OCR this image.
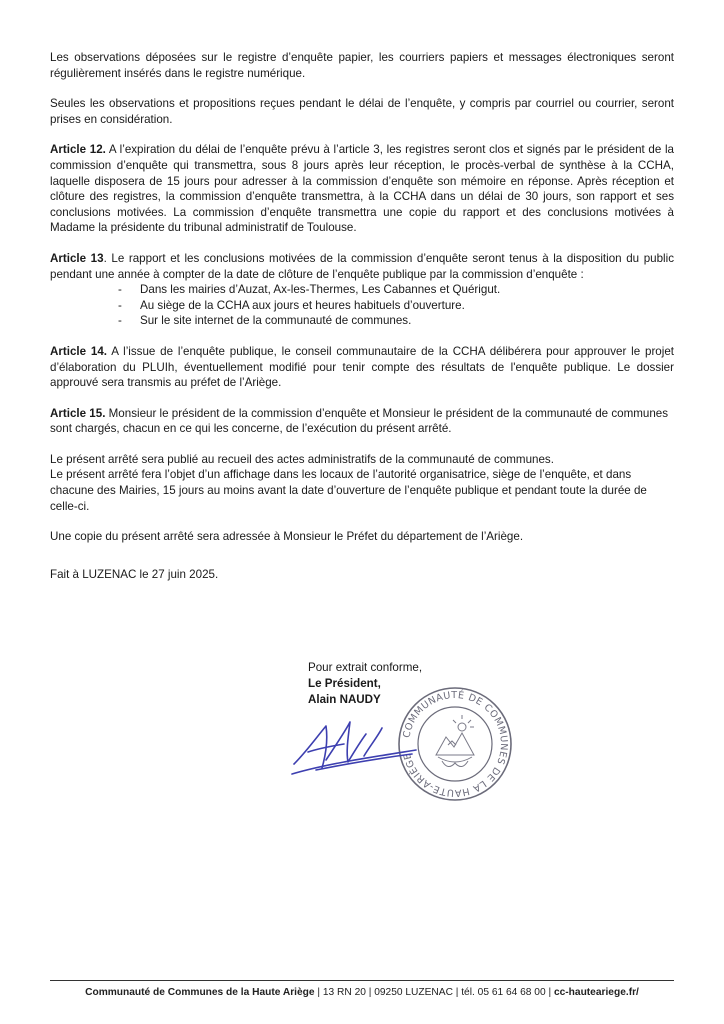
Les observations déposées sur le registre d’enquête papier, les courriers papiers et messages électroniques seront régulièrement insérés dans le registre numérique.

Seules les observations et propositions reçues pendant le délai de l’enquête, y compris par courriel ou courrier, seront prises en considération.

Article 12. A l’expiration du délai de l’enquête prévu à l’article 3, les registres seront clos et signés par le président de la commission d’enquête qui transmettra, sous 8 jours après leur réception, le procès-verbal de synthèse à la CCHA, laquelle disposera de 15 jours pour adresser à la commission d’enquête son mémoire en réponse. Après réception et clôture des registres, la commission d’enquête transmettra, à la CCHA dans un délai de 30 jours, son rapport et ses conclusions motivées. La commission d’enquête transmettra une copie du rapport et des conclusions motivées à Madame la présidente du tribunal administratif de Toulouse.

Article 13. Le rapport et les conclusions motivées de la commission d’enquête seront tenus à la disposition du public pendant une année à compter de la date de clôture de l’enquête publique par la commission d’enquête :
- Dans les mairies d’Auzat, Ax-les-Thermes, Les Cabannes et Quérigut.
- Au siège de la CCHA aux jours et heures habituels d’ouverture.
- Sur le site internet de la communauté de communes.

Article 14. A l’issue de l’enquête publique, le conseil communautaire de la CCHA délibérera pour approuver le projet d’élaboration du PLUIh, éventuellement modifié pour tenir compte des résultats de l'enquête publique. Le dossier approuvé sera transmis au préfet de l’Ariège.

Article 15. Monsieur le président de la commission d’enquête et Monsieur le président de la communauté de communes sont chargés, chacun en ce qui les concerne, de l’exécution du présent arrêté.

Le présent arrêté sera publié au recueil des actes administratifs de la communauté de communes.
Le présent arrêté fera l’objet d’un affichage dans les locaux de l’autorité organisatrice, siège de l’enquête, et dans chacune des Mairies, 15 jours au moins avant la date d’ouverture de l’enquête publique et pendant toute la durée de celle-ci.

Une copie du présent arrêté sera adressée à Monsieur le Préfet du département de l’Ariège.

Fait à LUZENAC le 27 juin 2025.

Pour extrait conforme,
Le Président,
Alain NAUDY
COMMUNAUTÉ DE COMMUNES DE LA HAUTE-ARIÈGE
Communauté de Communes de la Haute Ariège | 13 RN 20 | 09250 LUZENAC | tél. 05 61 64 68 00 | cc-hauteariege.fr/
